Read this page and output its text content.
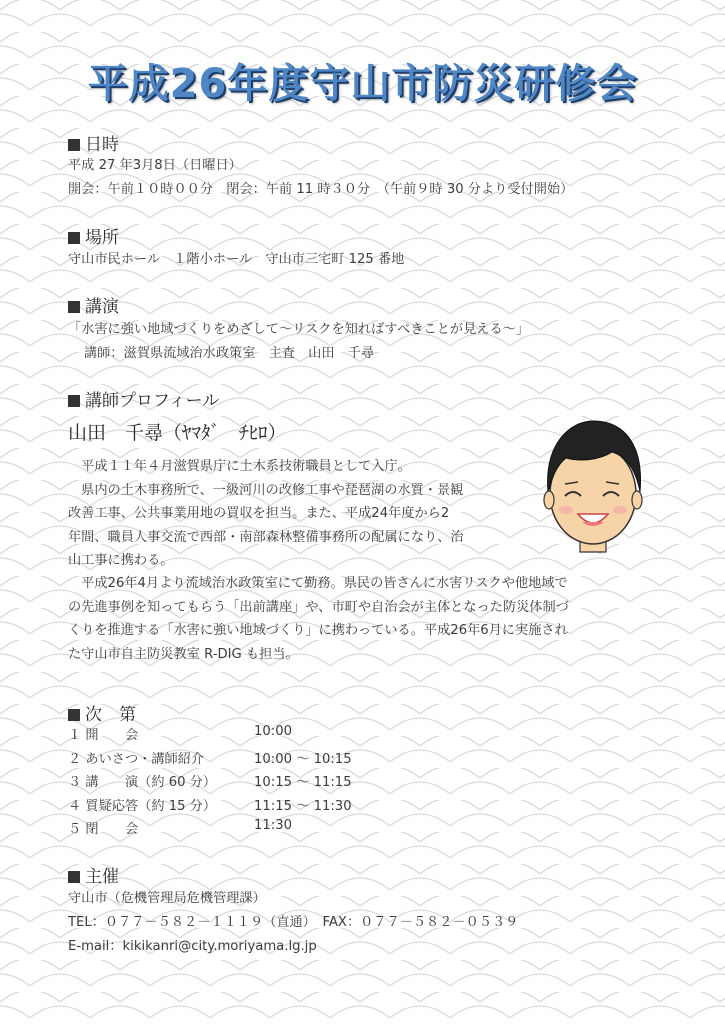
平成26年度守山市防災研修会
日時
平成 27 年3月8日（日曜日）
開会：午前１０時００分　閉会：午前 11 時３０分　（午前９時 30 分より受付開始）
場所
守山市民ホール　１階小ホール　守山市三宅町 125 番地
講演
「水害に強い地域づくりをめざして～リスクを知ればすべきことが見える～」
講師：滋賀県流域治水政策室　主査　山田　千尋
講師プロフィール
山田　千尋（ﾔﾏﾀﾞ　ﾁﾋﾛ）
　平成１１年４月滋賀県庁に土木系技術職員として入庁。
　県内の土木事務所で、一級河川の改修工事や琵琶湖の水質・景観
改善工事、公共事業用地の買収を担当。また、平成24年度から2
年間、職員人事交流で西部・南部森林整備事務所の配属になり、治
山工事に携わる。
　平成26年4月より流域治水政策室にて勤務。県民の皆さんに水害リスクや他地域で
の先進事例を知ってもらう「出前講座」や、市町や自治会が主体となった防災体制づ
くりを推進する「水害に強い地域づくり」に携わっている。平成26年6月に実施され
た守山市自主防災教室 R-DIG も担当。
次　第
１ 開　　会	10:00
２ あいさつ・講師紹介	10:00 ～ 10:15
３ 講　　演（約 60 分）	10:15 ～ 11:15
４ 質疑応答（約 15 分）	11:15 ～ 11:30
５ 閉　　会	11:30
主催
守山市（危機管理局危機管理課）
TEL：０７７－５８２－１１１９（直通）　FAX：０７７－５８２－０５３９
E-mail：kikikanri@city.moriyama.lg.jp
